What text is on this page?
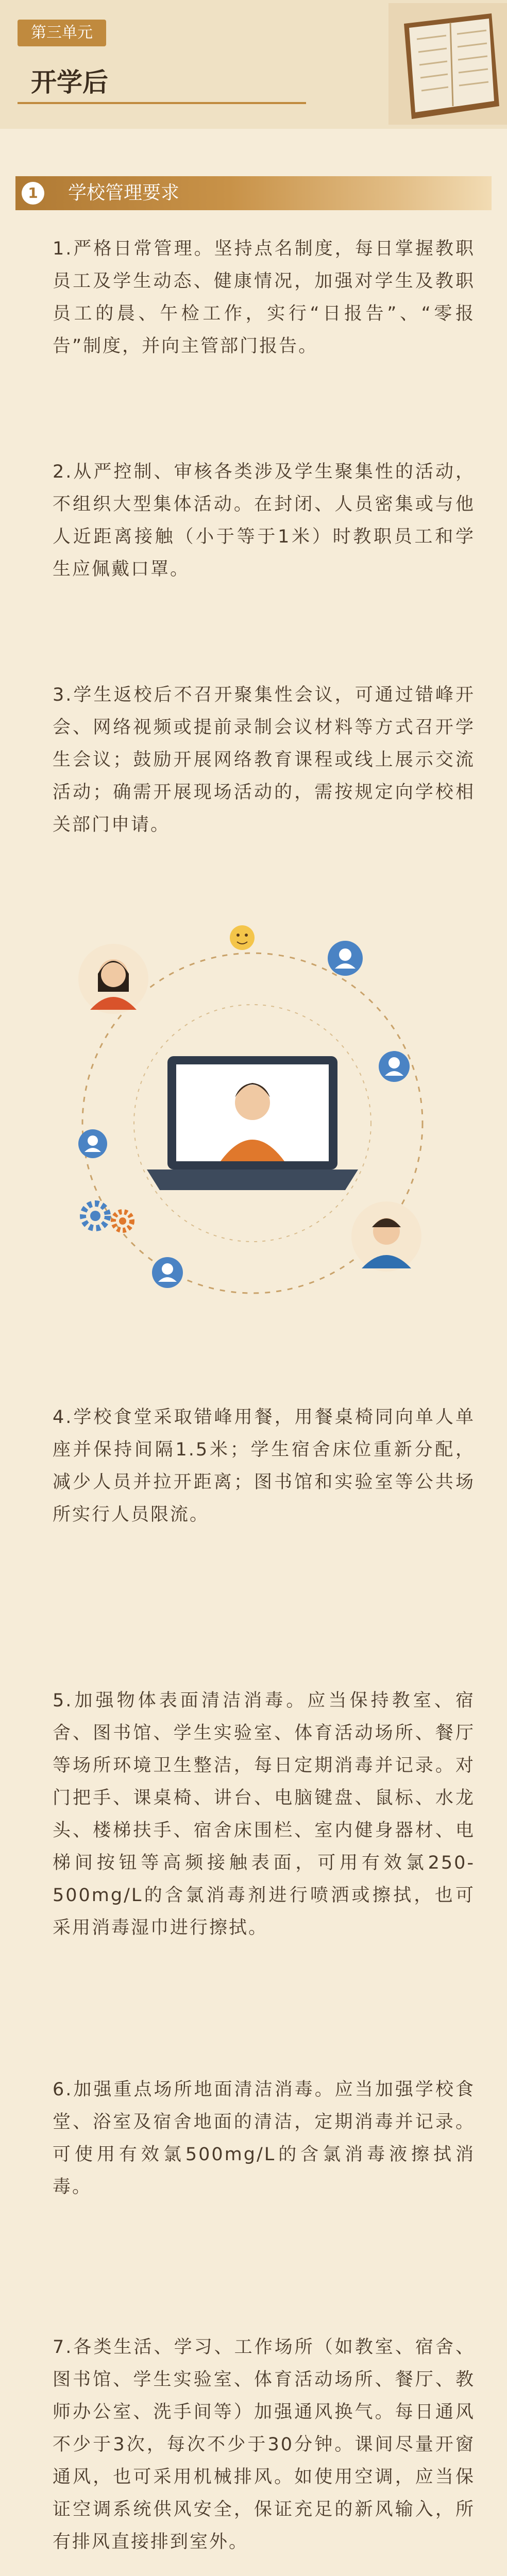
第三单元
开学后
1	学校管理要求

1.严格日常管理。坚持点名制度，每日掌握教职员工及学生动态、健康情况，加强对学生及教职员工的晨、午检工作，实行“日报告”、“零报告”制度，并向主管部门报告。

2.从严控制、审核各类涉及学生聚集性的活动，不组织大型集体活动。在封闭、人员密集或与他人近距离接触（小于等于1米）时教职员工和学生应佩戴口罩。

3.学生返校后不召开聚集性会议，可通过错峰开会、网络视频或提前录制会议材料等方式召开学生会议；鼓励开展网络教育课程或线上展示交流活动；确需开展现场活动的，需按规定向学校相关部门申请。

4.学校食堂采取错峰用餐，用餐桌椅同向单人单座并保持间隔1.5米；学生宿舍床位重新分配，减少人员并拉开距离；图书馆和实验室等公共场所实行人员限流。

5.加强物体表面清洁消毒。应当保持教室、宿舍、图书馆、学生实验室、体育活动场所、餐厅等场所环境卫生整洁，每日定期消毒并记录。对门把手、课桌椅、讲台、电脑键盘、鼠标、水龙头、楼梯扶手、宿舍床围栏、室内健身器材、电梯间按钮等高频接触表面，可用有效氯250-500mg/L的含氯消毒剂进行喷洒或擦拭，也可采用消毒湿巾进行擦拭。

6.加强重点场所地面清洁消毒。应当加强学校食堂、浴室及宿舍地面的清洁，定期消毒并记录。可使用有效氯500mg/L的含氯消毒液擦拭消毒。

7.各类生活、学习、工作场所（如教室、宿舍、图书馆、学生实验室、体育活动场所、餐厅、教师办公室、洗手间等）加强通风换气。每日通风不少于3次，每次不少于30分钟。课间尽量开窗通风，也可采用机械排风。如使用空调，应当保证空调系统供风安全，保证充足的新风输入，所有排风直接排到室外。
